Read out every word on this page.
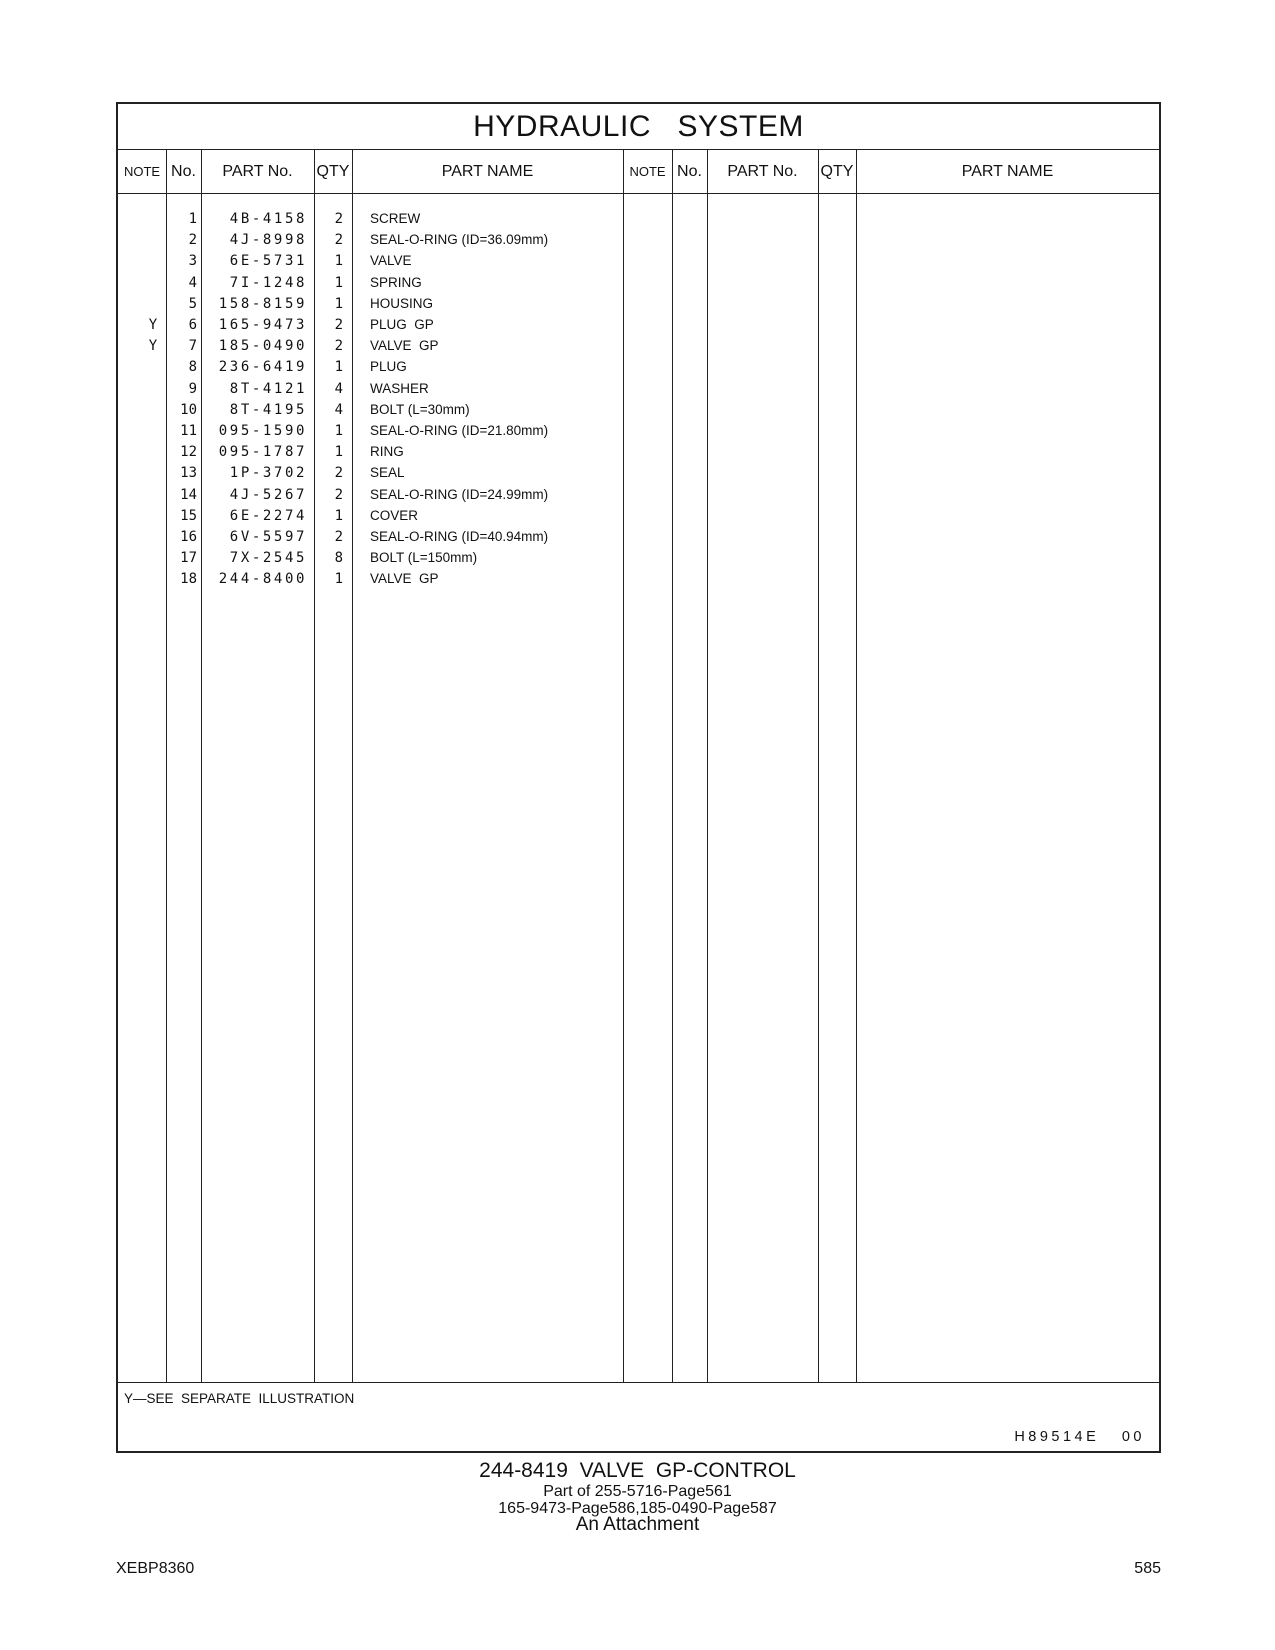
HYDRAULIC   SYSTEM
NOTE No.	PART No.	QTY	PART NAME	NOTE No.	PART No.	QTY	PART NAME
1	4B-4158	2 SCREW
2	4J-8998	2 SEAL-O-RING (ID=36.09mm)
3	6E-5731	1 VALVE
4	7I-1248	1 SPRING
5	158-8159	1 HOUSING
Y	6	165-9473	2 PLUG  GP
Y	7	185-0490	2 VALVE  GP
8	236-6419	1 PLUG
9	8T-4121	4 WASHER
10	8T-4195	4 BOLT (L=30mm)
11	095-1590	1 SEAL-O-RING (ID=21.80mm)
12	095-1787	1 RING
13	1P-3702	2 SEAL
14	4J-5267	2 SEAL-O-RING (ID=24.99mm)
15	6E-2274	1 COVER
16	6V-5597	2 SEAL-O-RING (ID=40.94mm)
17	7X-2545	8 BOLT (L=150mm)
18	244-8400	1 VALVE  GP
Y—SEE  SEPARATE  ILLUSTRATION
H89514E   00
244-8419  VALVE  GP-CONTROL
Part of 255-5716-Page561
165-9473-Page586,185-0490-Page587
An Attachment
XEBP8360	585
